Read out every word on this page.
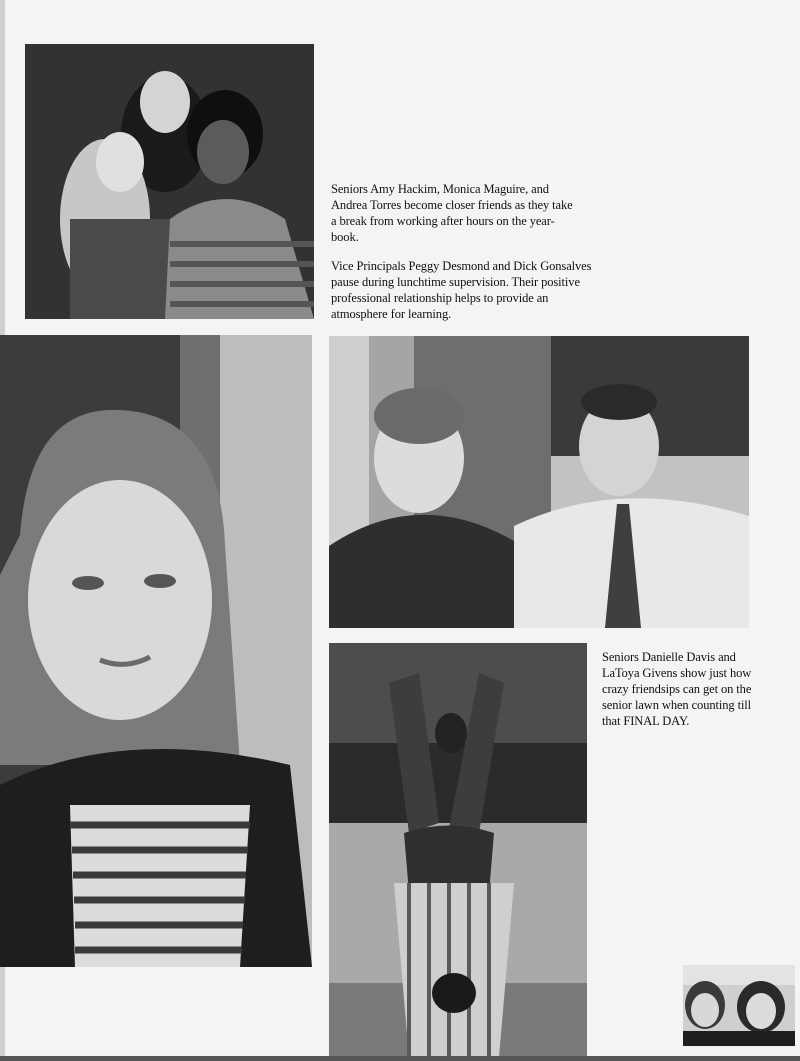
Seniors Amy Hackim, Monica Maguire, and Andrea Torres become closer friends as they take a break from working after hours on the year-book.

Vice Principals Peggy Desmond and Dick Gonsalves pause during lunchtime supervision. Their positive professional relationship helps to provide an atmosphere for learning.

Seniors Danielle Davis and LaToya Givens show just how crazy friendsips can get on the senior lawn when counting till that FINAL DAY.
